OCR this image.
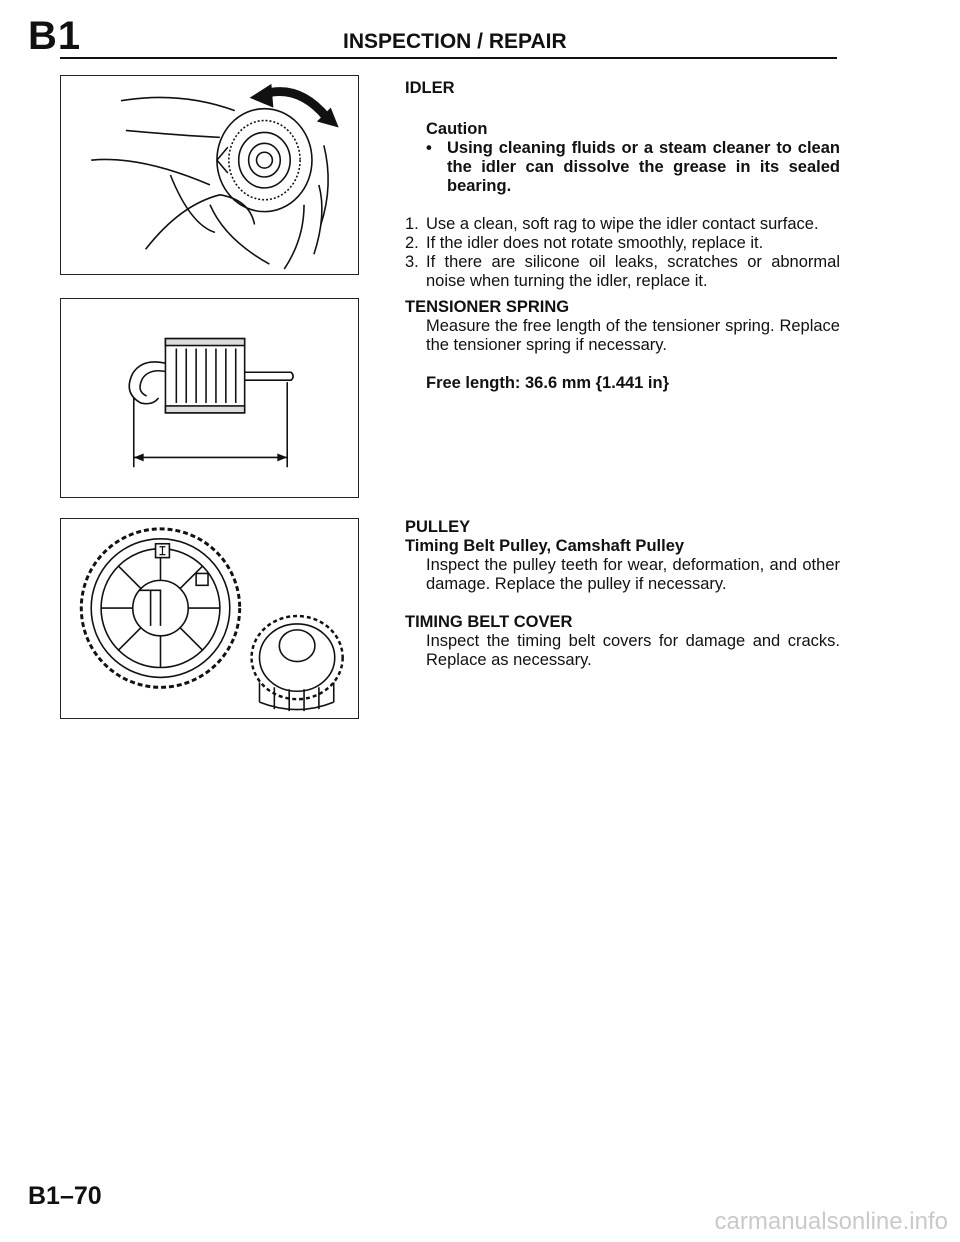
B1	INSPECTION / REPAIR
IDLER
Caution
• Using cleaning fluids or a steam cleaner to clean the idler can dissolve the grease in its sealed bearing.
1. Use a clean, soft rag to wipe the idler contact surface.
2. If the idler does not rotate smoothly, replace it.
3. If there are silicone oil leaks, scratches or abnormal noise when turning the idler, replace it.
TENSIONER SPRING
Measure the free length of the tensioner spring. Replace the tensioner spring if necessary.
Free length: 36.6 mm {1.441 in}
PULLEY
Timing Belt Pulley, Camshaft Pulley
Inspect the pulley teeth for wear, deformation, and other damage. Replace the pulley if necessary.
TIMING BELT COVER
Inspect the timing belt covers for damage and cracks. Replace as necessary.
B1–70
carmanualsonline.info
